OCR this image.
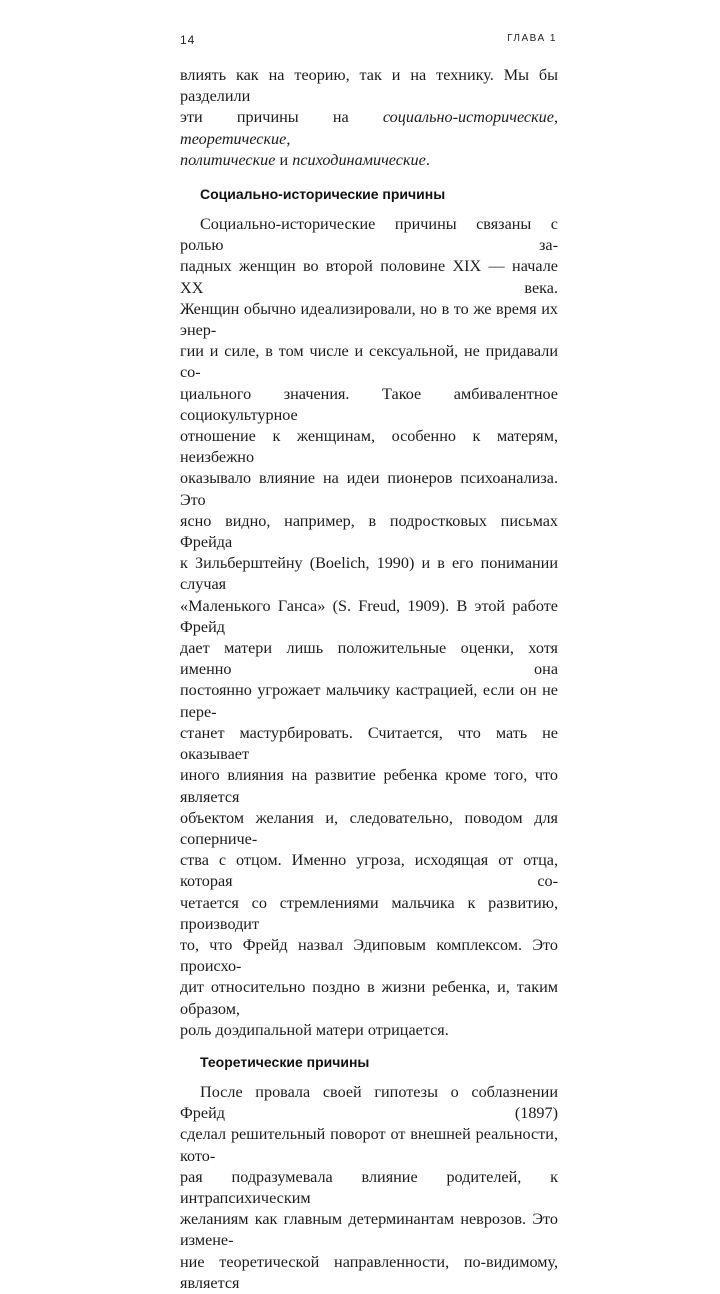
14	ГЛАВА 1
влиять как на теорию, так и на технику. Мы бы разделили
эти причины на социально-исторические, теоретические,
политические и психодинамические.
Социально-исторические причины
Социально-исторические причины связаны с ролью за-
падных женщин во второй половине XIX — начале XX века.
Женщин обычно идеализировали, но в то же время их энер-
гии и силе, в том числе и сексуальной, не придавали со-
циального значения. Такое амбивалентное социокультурное
отношение к женщинам, особенно к матерям, неизбежно
оказывало влияние на идеи пионеров психоанализа. Это
ясно видно, например, в подростковых письмах Фрейда
к Зильберштейну (Boelich, 1990) и в его понимании случая
«Маленького Ганса» (S. Freud, 1909). В этой работе Фрейд
дает матери лишь положительные оценки, хотя именно она
постоянно угрожает мальчику кастрацией, если он не пере-
станет мастурбировать. Считается, что мать не оказывает
иного влияния на развитие ребенка кроме того, что является
объектом желания и, следовательно, поводом для соперниче-
ства с отцом. Именно угроза, исходящая от отца, которая со-
четается со стремлениями мальчика к развитию, производит
то, что Фрейд назвал Эдиповым комплексом. Это происхо-
дит относительно поздно в жизни ребенка, и, таким образом,
роль доэдипальной матери отрицается.
Теоретические причины
После провала своей гипотезы о соблазнении Фрейд (1897)
сделал решительный поворот от внешней реальности, кото-
рая подразумевала влияние родителей, к интрапсихическим
желаниям как главным детерминантам неврозов. Это измене-
ние теоретической направленности, по-видимому, является
